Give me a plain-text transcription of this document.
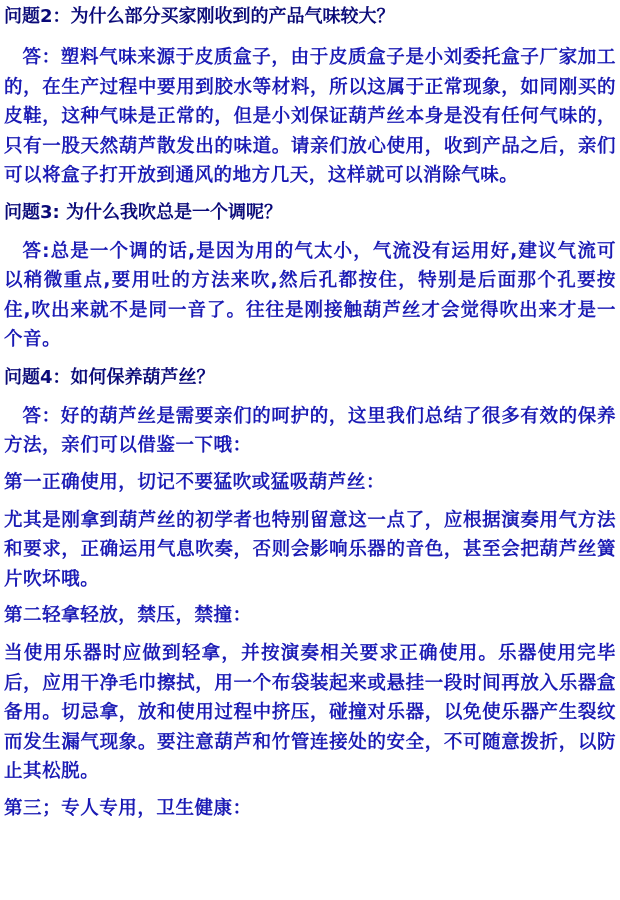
问题2：为什么部分买家刚收到的产品气味较大？
答：塑料气味来源于皮质盒子，由于皮质盒子是小刘委托盒子厂家加工的，在生产过程中要用到胶水等材料，所以这属于正常现象，如同刚买的皮鞋，这种气味是正常的，但是小刘保证葫芦丝本身是没有任何气味的，只有一股天然葫芦散发出的味道。请亲们放心使用，收到产品之后，亲们可以将盒子打开放到通风的地方几天，这样就可以消除气味。
问题3: 为什么我吹总是一个调呢？
答:总是一个调的话,是因为用的气太小，气流没有运用好,建议气流可以稍微重点,要用吐的方法来吹,然后孔都按住，特别是后面那个孔要按住,吹出来就不是同一音了。往往是刚接触葫芦丝才会觉得吹出来才是一个音。
问题4：如何保养葫芦丝？
答：好的葫芦丝是需要亲们的呵护的，这里我们总结了很多有效的保养方法，亲们可以借鉴一下哦：
第一正确使用，切记不要猛吹或猛吸葫芦丝：
尤其是刚拿到葫芦丝的初学者也特别留意这一点了，应根据演奏用气方法和要求，正确运用气息吹奏，否则会影响乐器的音色，甚至会把葫芦丝簧片吹坏哦。
第二轻拿轻放，禁压，禁撞：
当使用乐器时应做到轻拿，并按演奏相关要求正确使用。乐器使用完毕后，应用干净毛巾擦拭，用一个布袋装起来或悬挂一段时间再放入乐器盒备用。切忌拿，放和使用过程中挤压，碰撞对乐器，以免使乐器产生裂纹而发生漏气现象。要注意葫芦和竹管连接处的安全，不可随意拨折，以防止其松脱。
第三；专人专用，卫生健康：
